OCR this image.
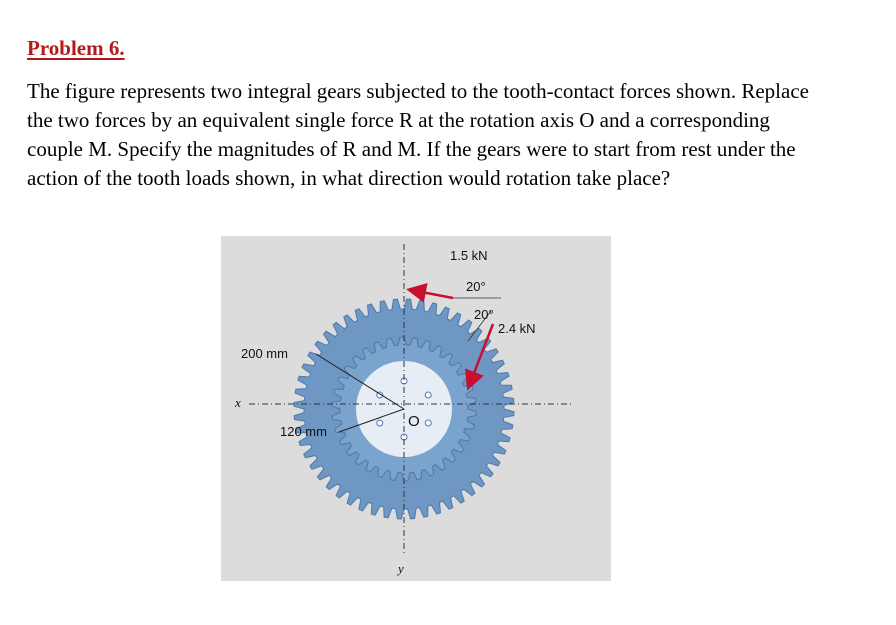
Problem 6.

The figure represents two integral gears subjected to the tooth-contact forces shown. Replace the two forces by an equivalent single force R at the rotation axis O and a corresponding couple M. Specify the magnitudes of R and M. If the gears were to start from rest under the action of the tooth loads shown, in what direction would rotation take place?

1.5 kN
20°
20°
2.4 kN
200 mm
120 mm
O
x
y
